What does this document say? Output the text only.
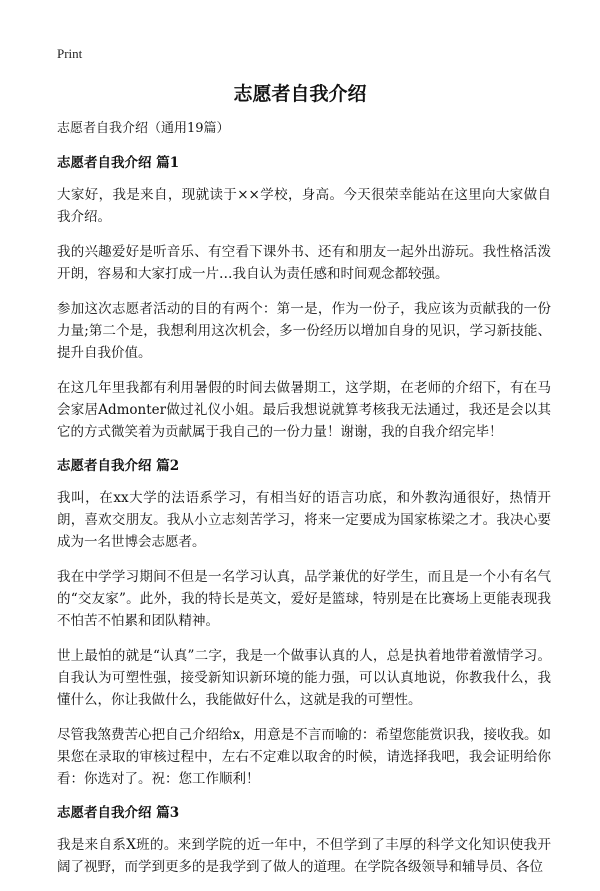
Print
志愿者自我介绍

志愿者自我介绍（通用19篇）

志愿者自我介绍 篇1

大家好，我是来自，现就读于××学校，身高。今天很荣幸能站在这里向大家做自我介绍。

我的兴趣爱好是听音乐、有空看下课外书、还有和朋友一起外出游玩。我性格活泼开朗，容易和大家打成一片…我自认为责任感和时间观念都较强。

参加这次志愿者活动的目的有两个：第一是，作为一份子，我应该为贡献我的一份力量;第二个是，我想利用这次机会，多一份经历以增加自身的见识，学习新技能、提升自我价值。

在这几年里我都有利用暑假的时间去做暑期工，这学期，在老师的介绍下，有在马会家居Admonter做过礼仪小姐。最后我想说就算考核我无法通过，我还是会以其它的方式微笑着为贡献属于我自己的一份力量！谢谢，我的自我介绍完毕！

志愿者自我介绍 篇2

我叫，在xx大学的法语系学习，有相当好的语言功底，和外教沟通很好，热情开朗，喜欢交朋友。我从小立志刻苦学习，将来一定要成为国家栋梁之才。我决心要成为一名世博会志愿者。

我在中学学习期间不但是一名学习认真，品学兼优的好学生，而且是一个小有名气的“交友家”。此外，我的特长是英文，爱好是篮球，特别是在比赛场上更能表现我不怕苦不怕累和团队精神。

世上最怕的就是“认真”二字，我是一个做事认真的人，总是执着地带着激情学习。自我认为可塑性强，接受新知识新环境的能力强，可以认真地说，你教我什么，我懂什么，你让我做什么，我能做好什么，这就是我的可塑性。

尽管我煞费苦心把自己介绍给x，用意是不言而喻的：希望您能赏识我，接收我。如果您在录取的审核过程中，左右不定难以取舍的时候，请选择我吧，我会证明给你看：你选对了。祝：您工作顺利！

志愿者自我介绍 篇3

我是来自系X班的。来到学院的近一年中，不但学到了丰厚的科学文化知识使我开阔了视野，而学到更多的是我学到了做人的道理。在学院各级领导和辅导员、各位
